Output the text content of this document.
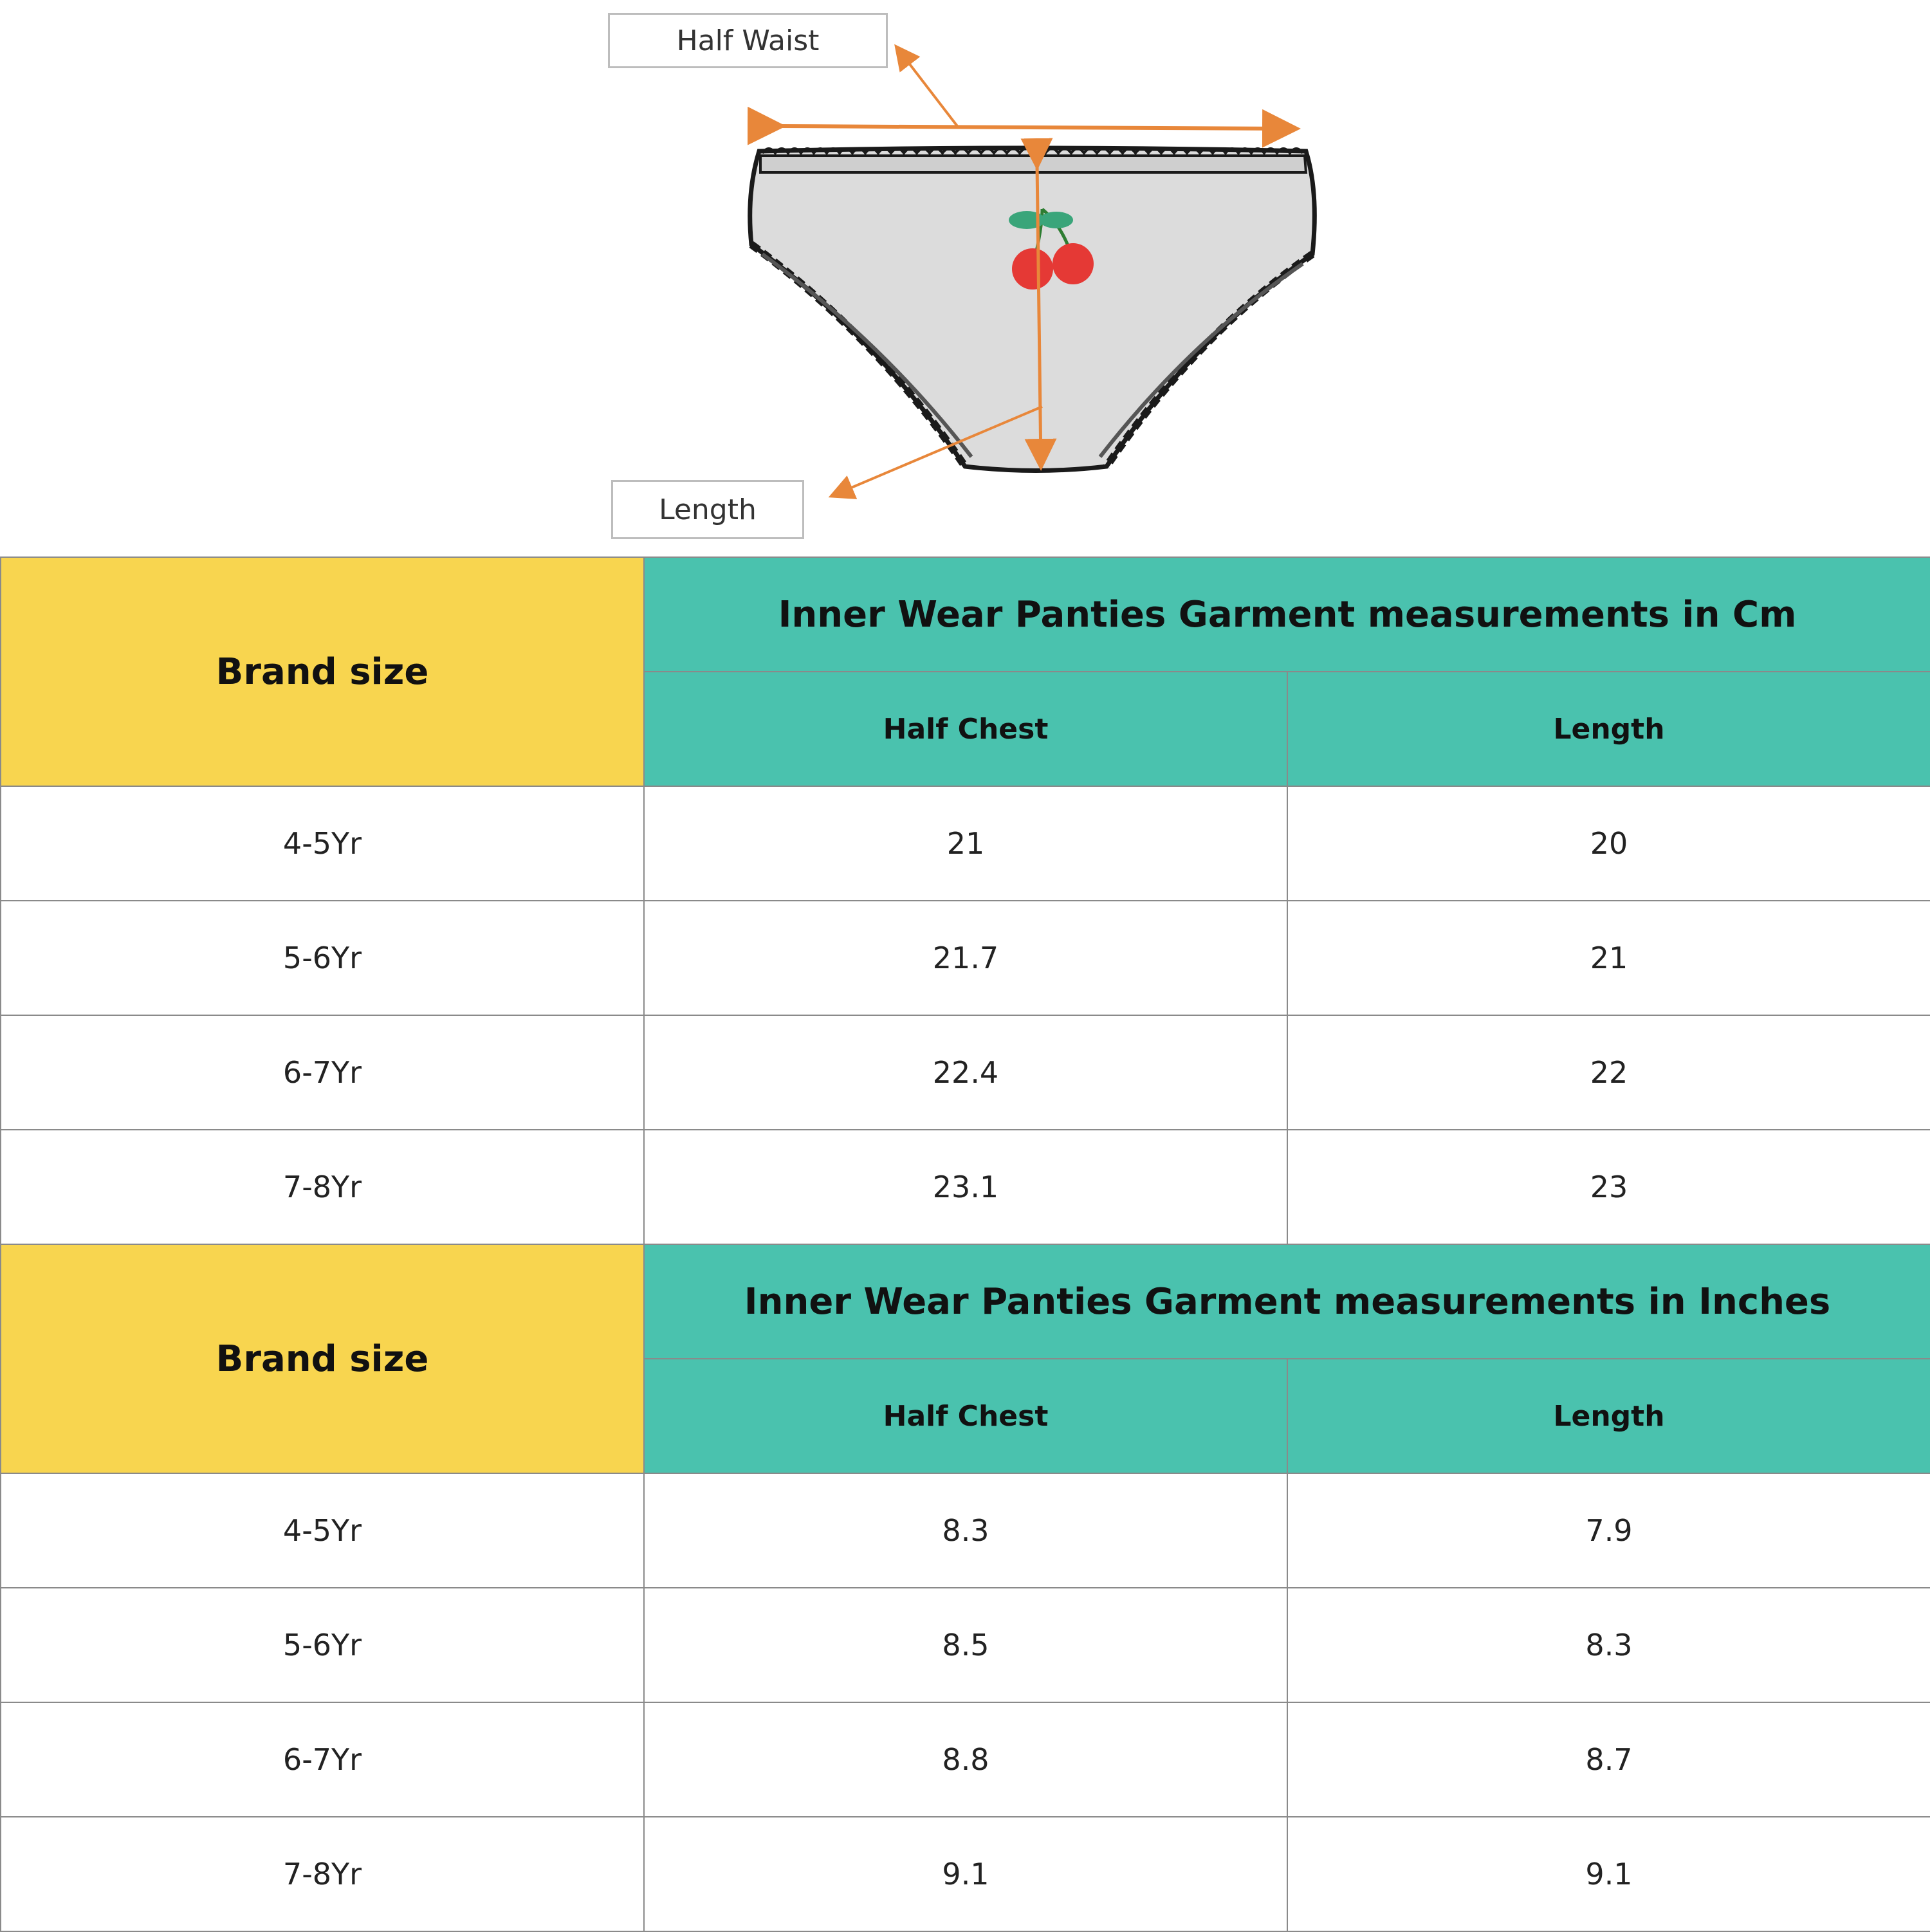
Half Waist
Length
Brand size	Inner Wear Panties Garment measurements in Cm	
	Half Chest	Length
4-5Yr	21	20
5-6Yr	21.7	21
6-7Yr	22.4	22
7-8Yr	23.1	23
Brand size	Inner Wear Panties Garment measurements in Inches	
	Half Chest	Length
4-5Yr	8.3	7.9
5-6Yr	8.5	8.3
6-7Yr	8.8	8.7
7-8Yr	9.1	9.1
